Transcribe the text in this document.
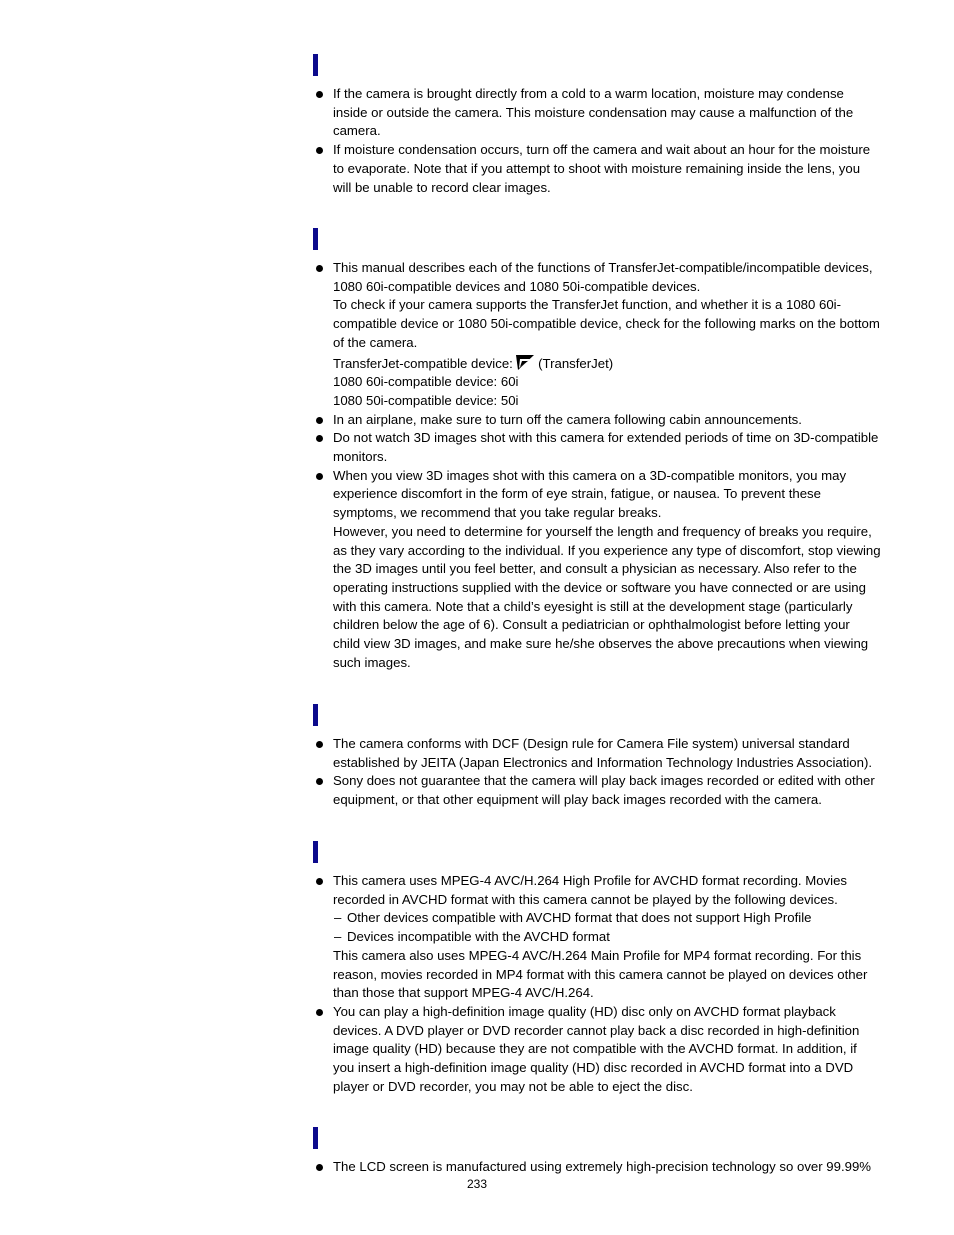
If the camera is brought directly from a cold to a warm location, moisture may condense
inside or outside the camera. This moisture condensation may cause a malfunction of the
camera.
If moisture condensation occurs, turn off the camera and wait about an hour for the moisture
to evaporate. Note that if you attempt to shoot with moisture remaining inside the lens, you
will be unable to record clear images.
This manual describes each of the functions of TransferJet-compatible/incompatible devices,
1080 60i-compatible devices and 1080 50i-compatible devices.
To check if your camera supports the TransferJet function, and whether it is a 1080 60i-
compatible device or 1080 50i-compatible device, check for the following marks on the bottom
of the camera.
TransferJet-compatible device:  (TransferJet)
1080 60i-compatible device: 60i
1080 50i-compatible device: 50i
In an airplane, make sure to turn off the camera following cabin announcements.
Do not watch 3D images shot with this camera for extended periods of time on 3D-compatible
monitors.
When you view 3D images shot with this camera on a 3D-compatible monitors, you may
experience discomfort in the form of eye strain, fatigue, or nausea. To prevent these
symptoms, we recommend that you take regular breaks.
However, you need to determine for yourself the length and frequency of breaks you require,
as they vary according to the individual. If you experience any type of discomfort, stop viewing
the 3D images until you feel better, and consult a physician as necessary. Also refer to the
operating instructions supplied with the device or software you have connected or are using
with this camera. Note that a child’s eyesight is still at the development stage (particularly
children below the age of 6). Consult a pediatrician or ophthalmologist before letting your
child view 3D images, and make sure he/she observes the above precautions when viewing
such images.
The camera conforms with DCF (Design rule for Camera File system) universal standard
established by JEITA (Japan Electronics and Information Technology Industries Association).
Sony does not guarantee that the camera will play back images recorded or edited with other
equipment, or that other equipment will play back images recorded with the camera.
This camera uses MPEG-4 AVC/H.264 High Profile for AVCHD format recording. Movies
recorded in AVCHD format with this camera cannot be played by the following devices.
– Other devices compatible with AVCHD format that does not support High Profile
– Devices incompatible with the AVCHD format
This camera also uses MPEG-4 AVC/H.264 Main Profile for MP4 format recording. For this
reason, movies recorded in MP4 format with this camera cannot be played on devices other
than those that support MPEG-4 AVC/H.264.
You can play a high-definition image quality (HD) disc only on AVCHD format playback
devices. A DVD player or DVD recorder cannot play back a disc recorded in high-definition
image quality (HD) because they are not compatible with the AVCHD format. In addition, if
you insert a high-definition image quality (HD) disc recorded in AVCHD format into a DVD
player or DVD recorder, you may not be able to eject the disc.
The LCD screen is manufactured using extremely high-precision technology so over 99.99%
233
